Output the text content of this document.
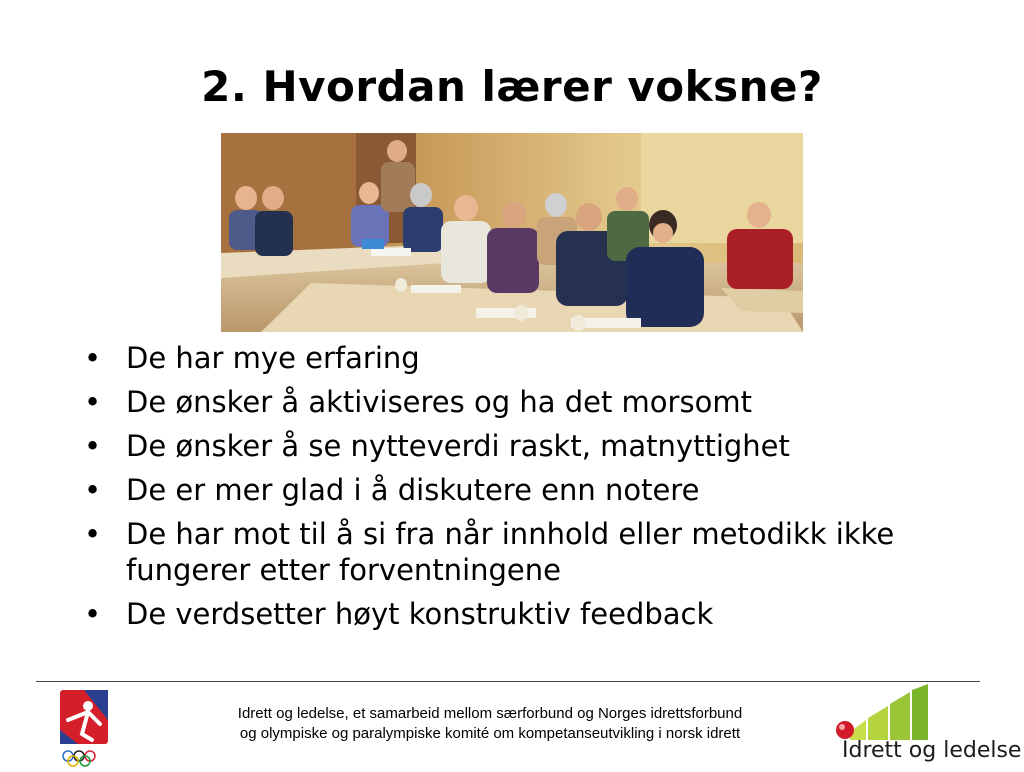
2. Hvordan lærer voksne?
• De har mye erfaring
• De ønsker å aktiviseres og ha det morsomt
• De ønsker å se nytteverdi raskt, matnyttighet
• De er mer glad i å diskutere enn notere
• De har mot til å si fra når innhold eller metodikk ikke fungerer etter forventningene
• De verdsetter høyt konstruktiv feedback
Idrett og ledelse, et samarbeid mellom særforbund og Norges idrettsforbund
og olympiske og paralympiske komité om kompetanseutvikling i norsk idrett
Idrett og ledelse
